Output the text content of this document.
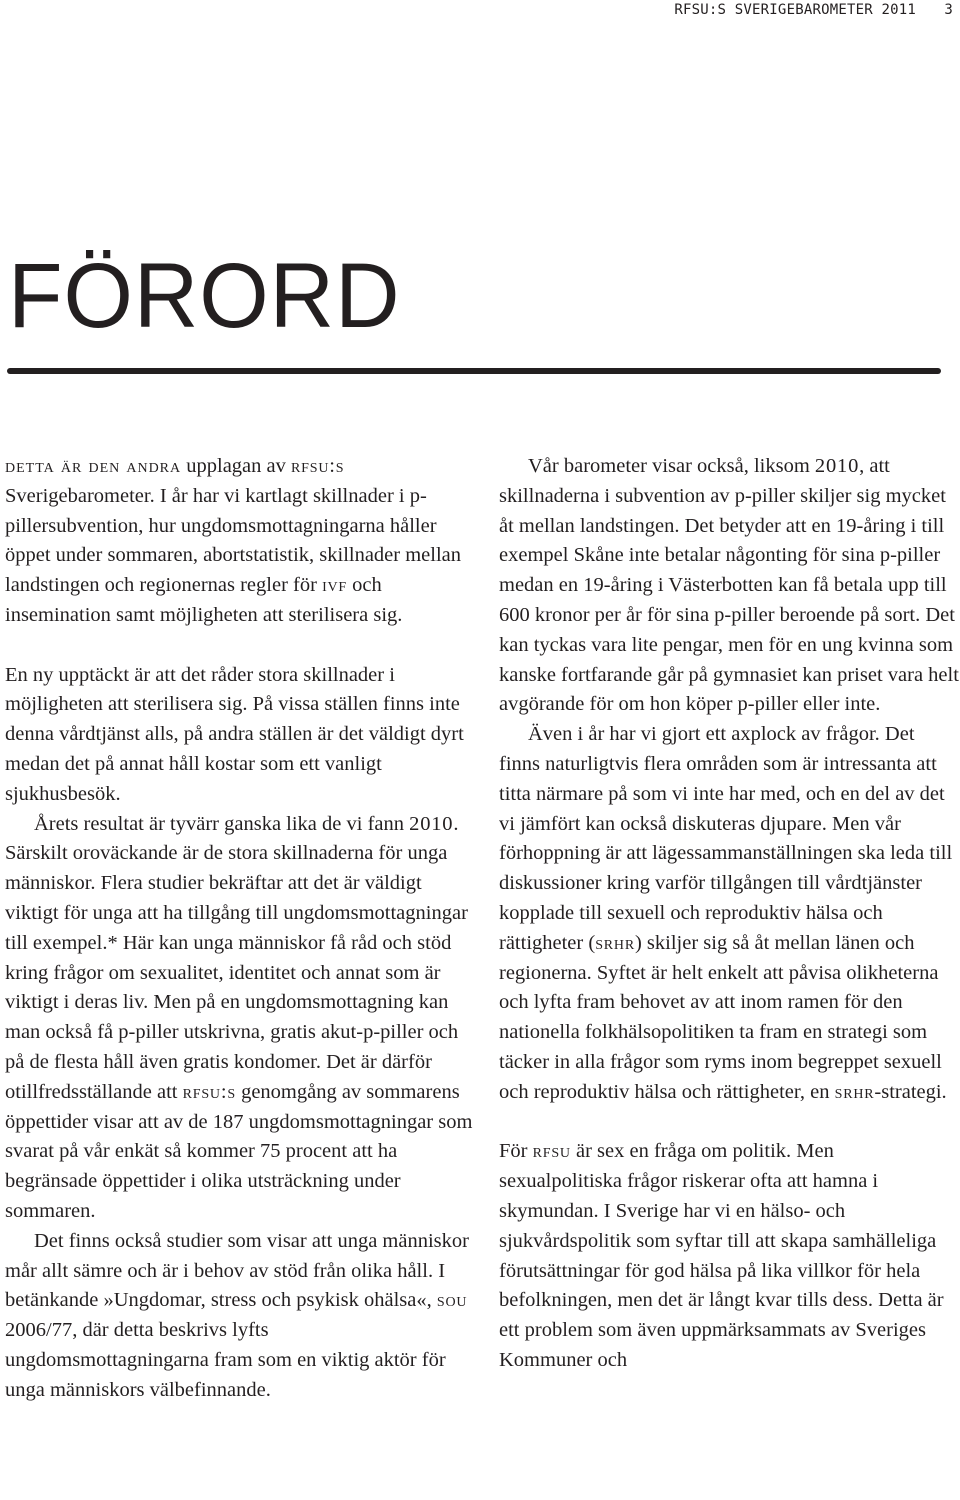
RFSU:S SVERIGEBAROMETER 2011 3
FÖRORD

detta är den andra upplagan av rfsu:s Sverigebarometer. I år har vi kartlagt skillnader i p-pillersubvention, hur ungdomsmottagningarna håller öppet under sommaren, abortstatistik, skillnader mellan landstingen och regionernas regler för ivf och insemination samt möjligheten att sterilisera sig.

En ny upptäckt är att det råder stora skillnader i möjligheten att sterilisera sig. På vissa ställen finns inte denna vårdtjänst alls, på andra ställen är det väldigt dyrt medan det på annat håll kostar som ett vanligt sjukhusbesök.

Årets resultat är tyvärr ganska lika de vi fann 2010. Särskilt oroväckande är de stora skillnaderna för unga människor. Flera studier bekräftar att det är väldigt viktigt för unga att ha tillgång till ungdomsmottagningar till exempel.* Här kan unga människor få råd och stöd kring frågor om sexualitet, identitet och annat som är viktigt i deras liv. Men på en ungdomsmottagning kan man också få p-piller utskrivna, gratis akut-p-piller och på de flesta håll även gratis kondomer. Det är därför otillfredsställande att rfsu:s genomgång av sommarens öppettider visar att av de 187 ungdomsmottagningar som svarat på vår enkät så kommer 75 procent att ha begränsade öppettider i olika utsträckning under sommaren.

Det finns också studier som visar att unga människor mår allt sämre och är i behov av stöd från olika håll. I betänkande »Ungdomar, stress och psykisk ohälsa«, sou 2006/77, där detta beskrivs lyfts ungdomsmottagningarna fram som en viktig aktör för unga människors välbefinnande.

Vår barometer visar också, liksom 2010, att skillnaderna i subvention av p-piller skiljer sig mycket åt mellan landstingen. Det betyder att en 19-åring i till exempel Skåne inte betalar någonting för sina p-piller medan en 19-åring i Västerbotten kan få betala upp till 600 kronor per år för sina p-piller beroende på sort. Det kan tyckas vara lite pengar, men för en ung kvinna som kanske fortfarande går på gymnasiet kan priset vara helt avgörande för om hon köper p-piller eller inte.

Även i år har vi gjort ett axplock av frågor. Det finns naturligtvis flera områden som är intressanta att titta närmare på som vi inte har med, och en del av det vi jämfört kan också diskuteras djupare. Men vår förhoppning är att lägessammanställningen ska leda till diskussioner kring varför tillgången till vårdtjänster kopplade till sexuell och reproduktiv hälsa och rättigheter (srhr) skiljer sig så åt mellan länen och regionerna. Syftet är helt enkelt att påvisa olikheterna och lyfta fram behovet av att inom ramen för den nationella folkhälsopolitiken ta fram en strategi som täcker in alla frågor som ryms inom begreppet sexuell och reproduktiv hälsa och rättigheter, en srhr-strategi.

För rfsu är sex en fråga om politik. Men sexualpolitiska frågor riskerar ofta att hamna i skymundan. I Sverige har vi en hälso- och sjukvårdspolitik som syftar till att skapa samhälleliga förutsättningar för god hälsa på lika villkor för hela befolkningen, men det är långt kvar tills dess. Detta är ett problem som även uppmärksammats av Sveriges Kommuner och
